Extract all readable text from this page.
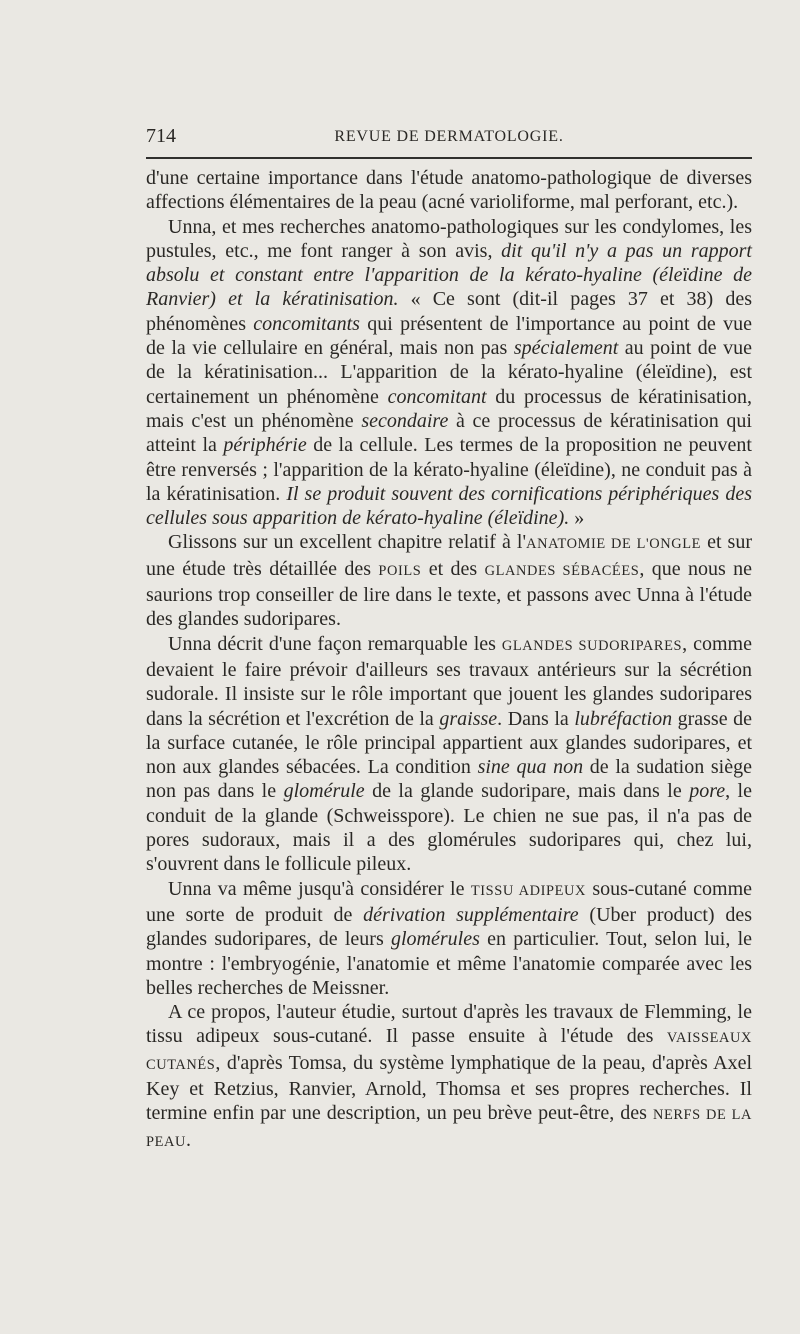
714	REVUE DE DERMATOLOGIE.

d'une certaine importance dans l'étude anatomo-pathologique de diverses affections élémentaires de la peau (acné varioliforme, mal perforant, etc.).

Unna, et mes recherches anatomo-pathologiques sur les condylomes, les pustules, etc., me font ranger à son avis, dit qu'il n'y a pas un rapport absolu et constant entre l'apparition de la kérato-hyaline (éleïdine de Ranvier) et la kératinisation. « Ce sont (dit-il pages 37 et 38) des phénomènes concomitants qui présentent de l'importance au point de vue de la vie cellulaire en général, mais non pas spécialement au point de vue de la kératinisation... L'apparition de la kérato-hyaline (éleïdine), est certainement un phénomène concomitant du processus de kératinisation, mais c'est un phénomène secondaire à ce processus de kératinisation qui atteint la périphérie de la cellule. Les termes de la proposition ne peuvent être renversés ; l'apparition de la kérato-hyaline (éleïdine), ne conduit pas à la kératinisation. Il se produit souvent des cornifications périphériques des cellules sous apparition de kérato-hyaline (éleïdine). »

Glissons sur un excellent chapitre relatif à l'ANATOMIE DE L'ONGLE et sur une étude très détaillée des POILS et des GLANDES SÉBACÉES, que nous ne saurions trop conseiller de lire dans le texte, et passons avec Unna à l'étude des glandes sudoripares.

Unna décrit d'une façon remarquable les GLANDES SUDORIPARES, comme devaient le faire prévoir d'ailleurs ses travaux antérieurs sur la sécrétion sudorale. Il insiste sur le rôle important que jouent les glandes sudoripares dans la sécrétion et l'excrétion de la graisse. Dans la lubréfaction grasse de la surface cutanée, le rôle principal appartient aux glandes sudoripares, et non aux glandes sébacées. La condition sine qua non de la sudation siège non pas dans le glomérule de la glande sudoripare, mais dans le pore, le conduit de la glande (Schweisspore). Le chien ne sue pas, il n'a pas de pores sudoraux, mais il a des glomérules sudoripares qui, chez lui, s'ouvrent dans le follicule pileux.

Unna va même jusqu'à considérer le TISSU ADIPEUX sous-cutané comme une sorte de produit de dérivation supplémentaire (Uber product) des glandes sudoripares, de leurs glomérules en particulier. Tout, selon lui, le montre : l'embryogénie, l'anatomie et même l'anatomie comparée avec les belles recherches de Meissner.

A ce propos, l'auteur étudie, surtout d'après les travaux de Flemming, le tissu adipeux sous-cutané. Il passe ensuite à l'étude des VAISSEAUX CUTANÉS, d'après Tomsa, du système lymphatique de la peau, d'après Axel Key et Retzius, Ranvier, Arnold, Thomsa et ses propres recherches. Il termine enfin par une description, un peu brève peut-être, des NERFS DE LA PEAU.
